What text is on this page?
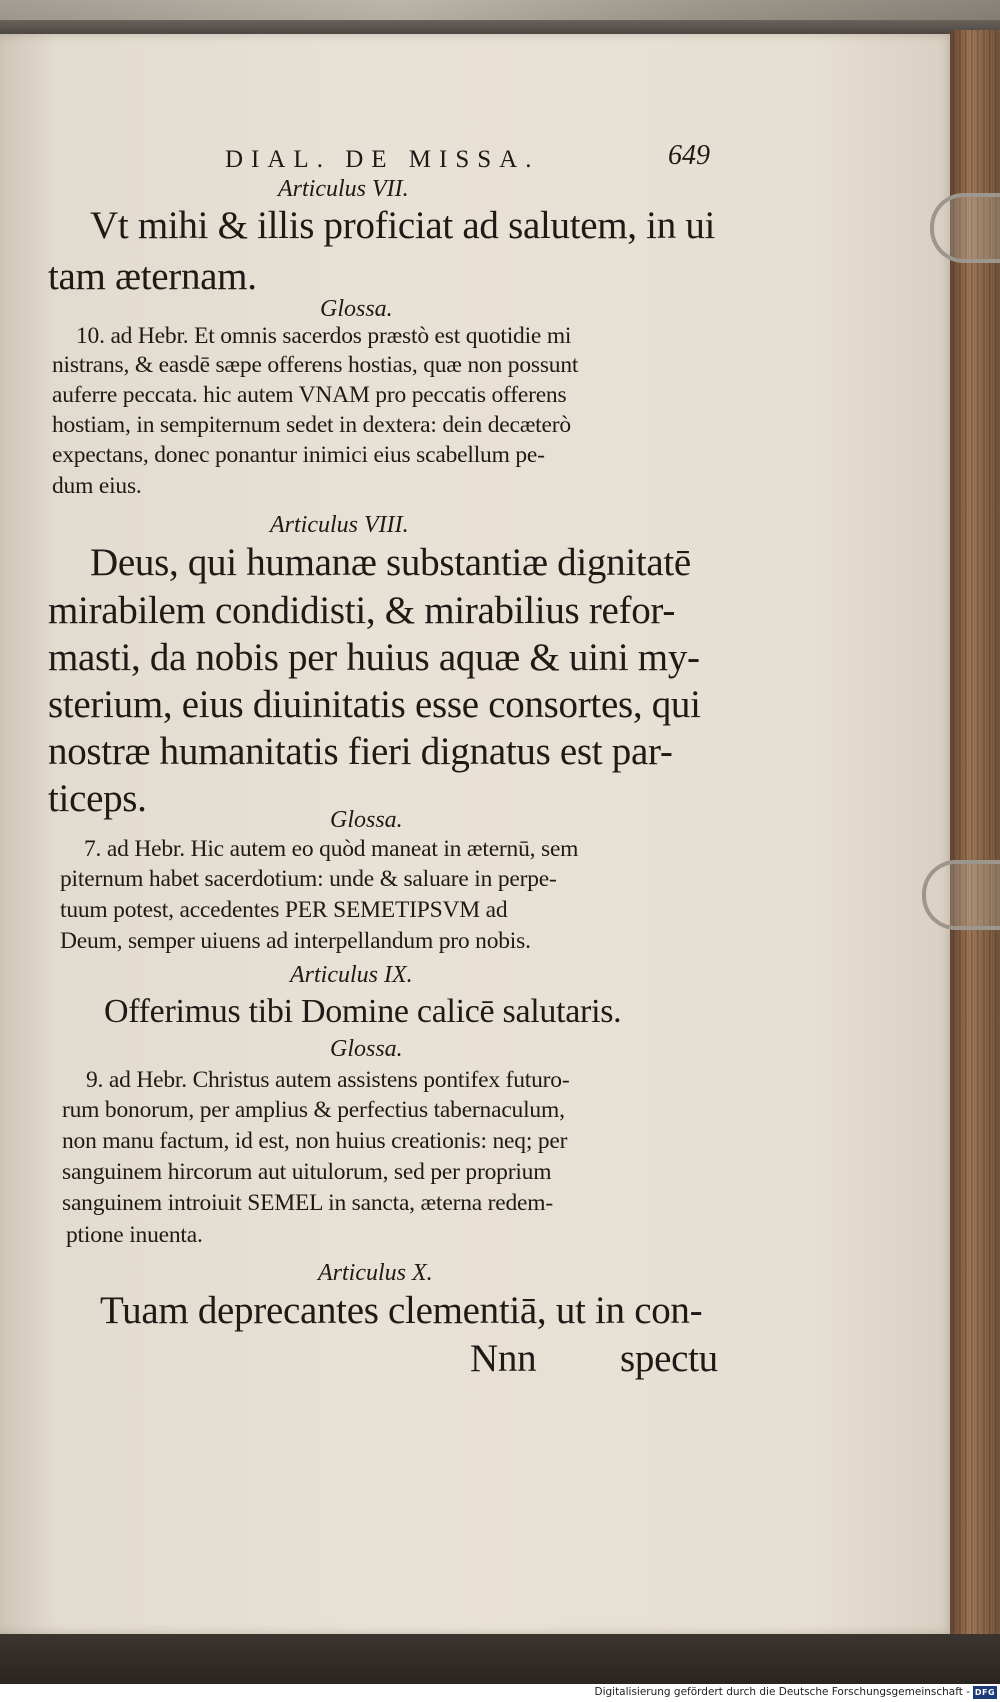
DIAL. DE MISSA.	649

Articulus VII.

Vt mihi & illis proficiat ad salutem, in ui

tam æternam.

Glossa.

10. ad Hebr. Et omnis sacerdos præstò est quotidie mi

nistrans, & easdē sæpe offerens hostias, quæ non possunt

auferre peccata. hic autem VNAM pro peccatis offerens

hostiam, in sempiternum sedet in dextera: dein decæterò

expectans, donec ponantur inimici eius scabellum pe-

dum eius.

Articulus VIII.

Deus, qui humanæ substantiæ dignitatē

mirabilem condidisti, & mirabilius refor-

masti, da nobis per huius aquæ & uini my-

sterium, eius diuinitatis esse consortes, qui

nostræ humanitatis fieri dignatus est par-

ticeps.	Glossa.

7. ad Hebr. Hic autem eo quòd maneat in æternū, sem

piternum habet sacerdotium: unde & saluare in perpe-

tuum potest, accedentes PER SEMETIPSVM ad

Deum, semper uiuens ad interpellandum pro nobis.

Articulus IX.

Offerimus tibi Domine calicē salutaris.

Glossa.

9. ad Hebr. Christus autem assistens pontifex futuro-

rum bonorum, per amplius & perfectius tabernaculum,

non manu factum, id est, non huius creationis: neq; per

sanguinem hircorum aut uitulorum, sed per proprium

sanguinem introiuit SEMEL in sancta, æterna redem-

ptione inuenta.

Articulus X.

Tuam deprecantes clementiā, ut in con-

Nnn spectu

Digitalisierung gefördert durch die Deutsche Forschungsgemeinschaft - DFG
